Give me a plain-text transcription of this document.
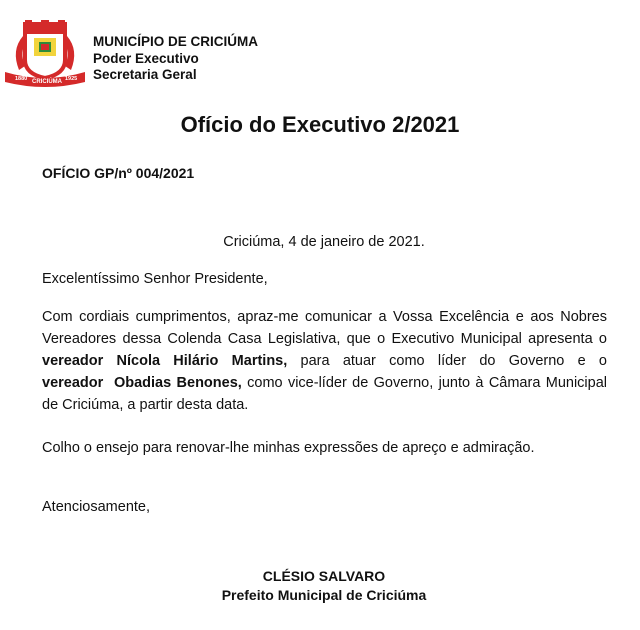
1880 CRICIÚMA 1925
MUNICÍPIO DE CRICIÚMA
Poder Executivo
Secretaria Geral
Ofício do Executivo 2/2021
OFÍCIO GP/nº 004/2021
Criciúma, 4 de janeiro de 2021.
Excelentíssimo Senhor Presidente,
Com cordiais cumprimentos, apraz-me comunicar a Vossa Excelência e aos Nobres Vereadores dessa Colenda Casa Legislativa, que o Executivo Municipal apresenta o vereador Nícola Hilário Martins, para atuar como líder do Governo e o vereador  Obadias Benones, como vice-líder de Governo, junto à Câmara Municipal de Criciúma, a partir desta data.
Colho o ensejo para renovar-lhe minhas expressões de apreço e admiração.
Atenciosamente,
CLÉSIO SALVARO
Prefeito Municipal de Criciúma
